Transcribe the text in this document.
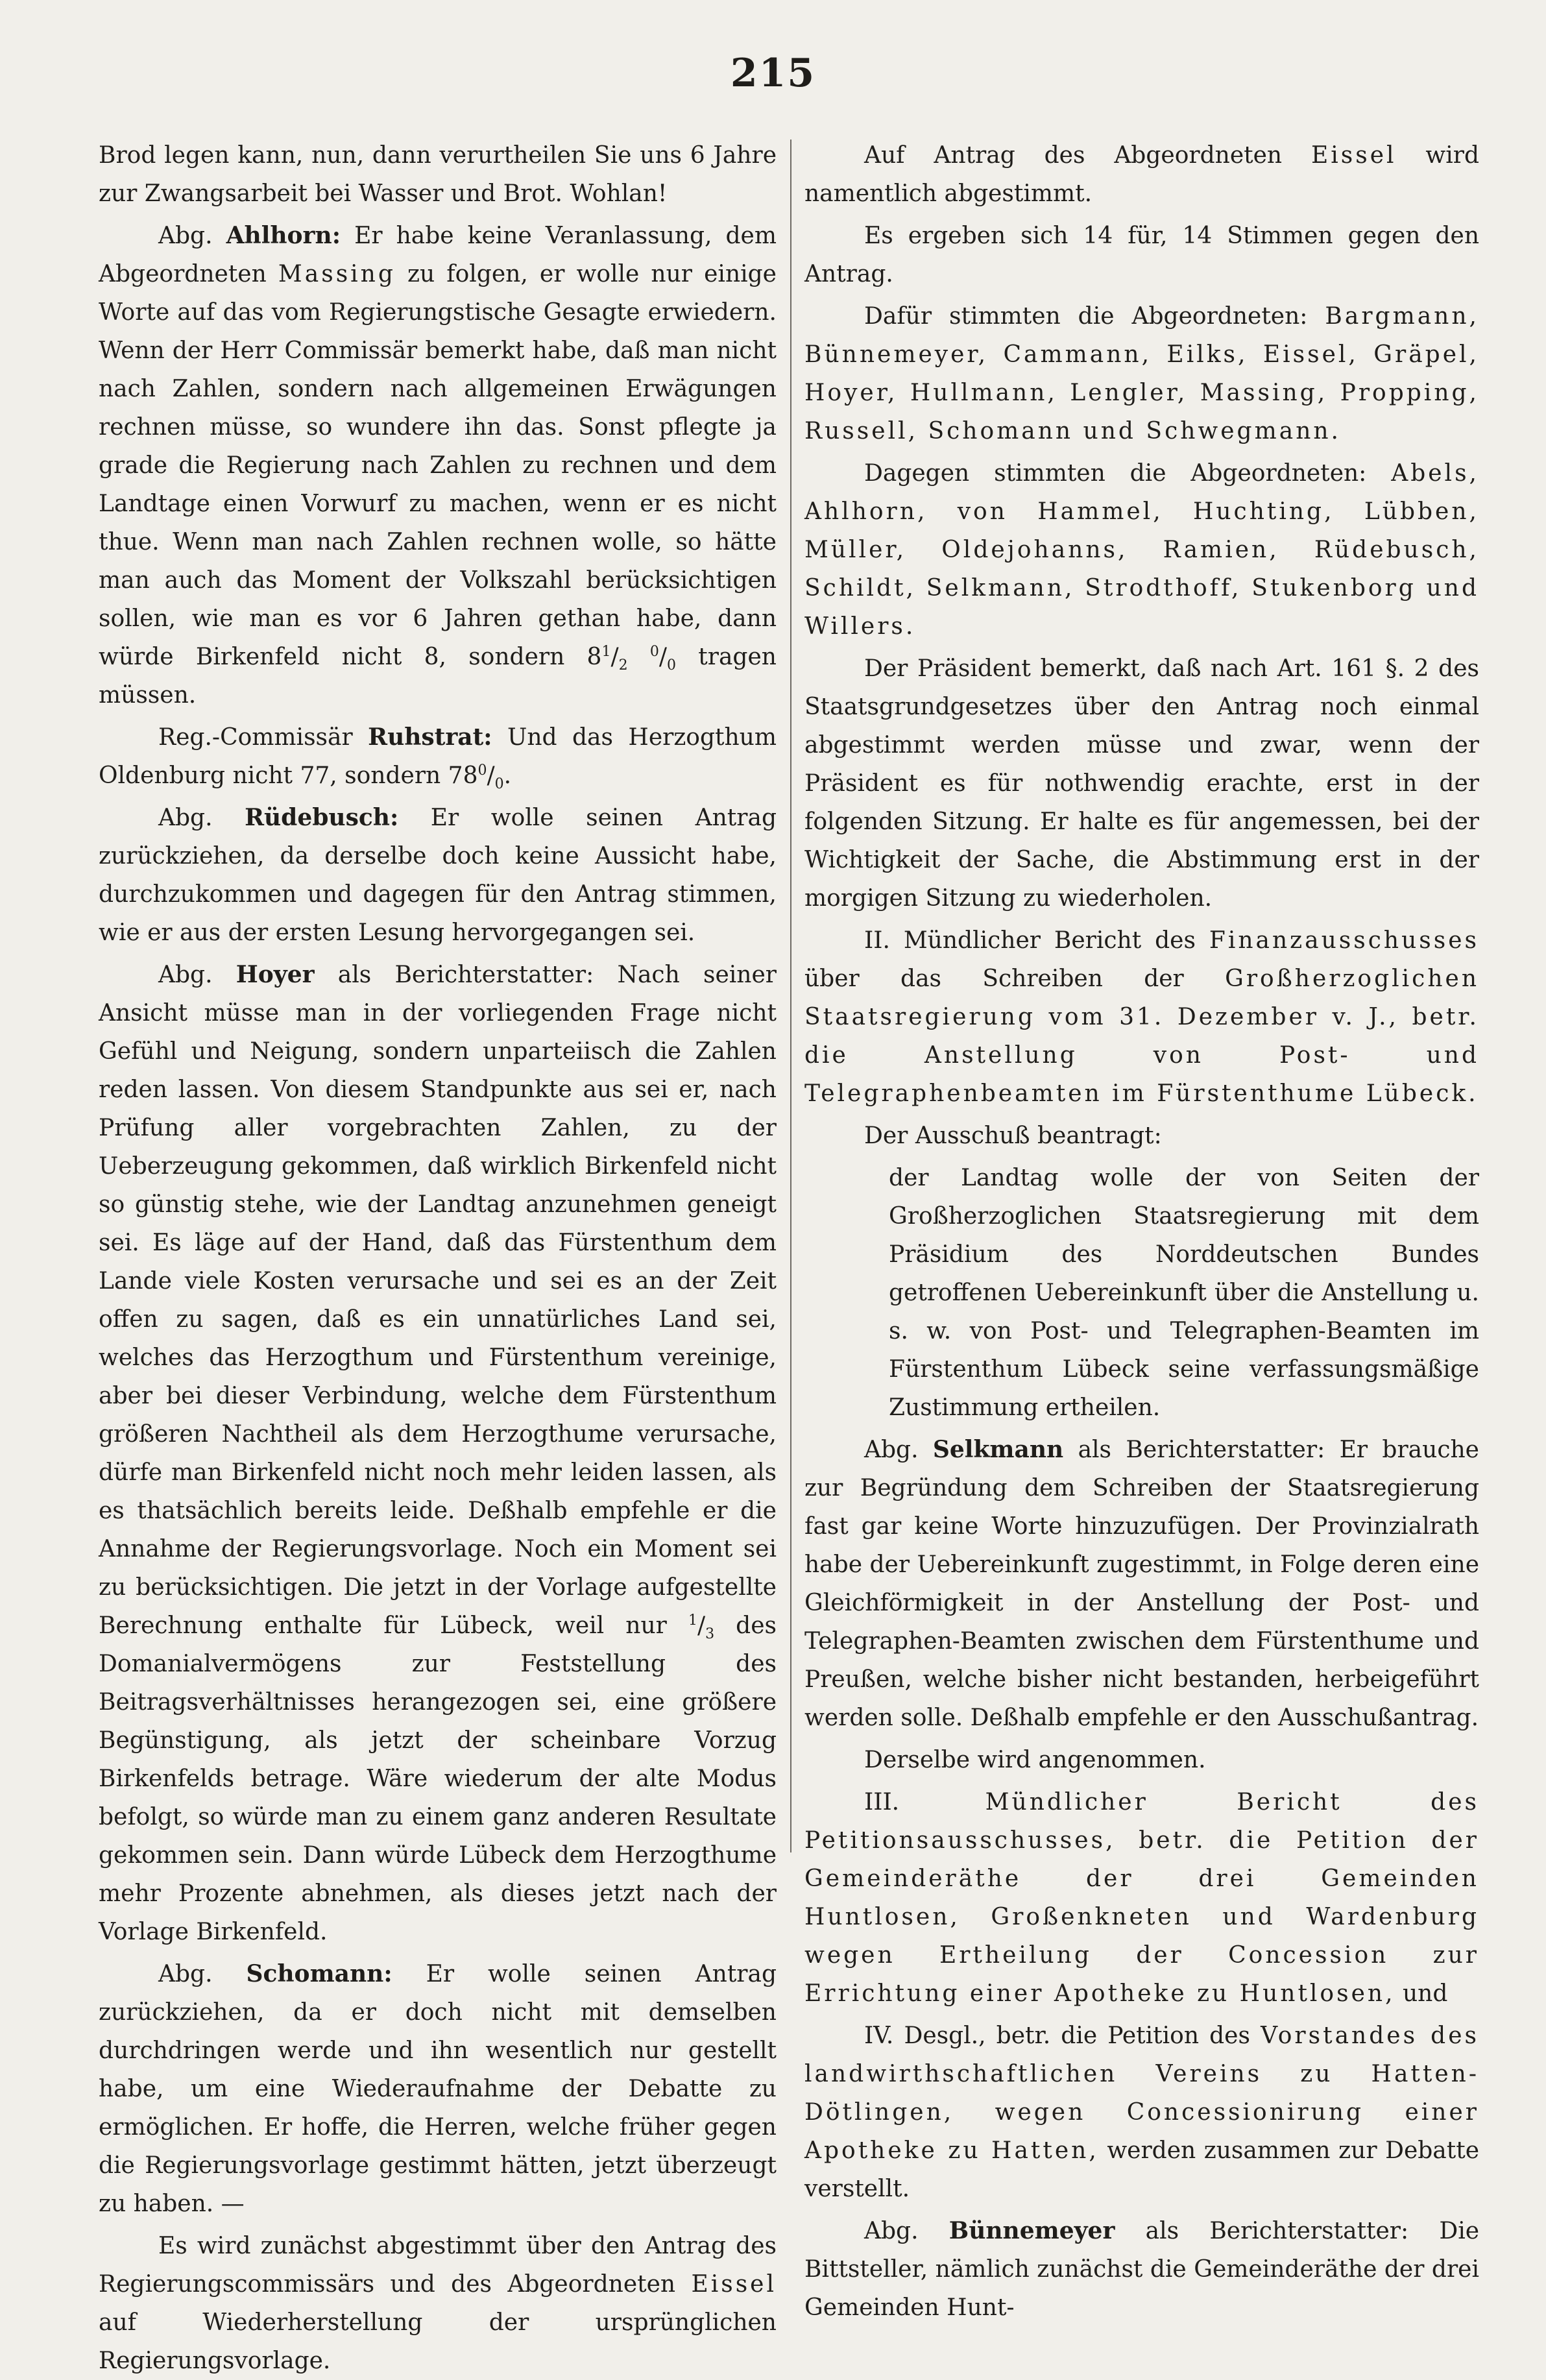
215

Brod legen kann, nun, dann verurtheilen Sie uns 6 Jahre zur Zwangsarbeit bei Wasser und Brot. Wohlan!

Abg. Ahlhorn: Er habe keine Veranlassung, dem Abgeordneten Massing zu folgen, er wolle nur einige Worte auf das vom Regierungstische Gesagte erwiedern. Wenn der Herr Commissär bemerkt habe, daß man nicht nach Zahlen, sondern nach allgemeinen Erwägungen rechnen müsse, so wundere ihn das. Sonst pflegte ja grade die Regierung nach Zahlen zu rechnen und dem Landtage einen Vorwurf zu machen, wenn er es nicht thue. Wenn man nach Zahlen rechnen wolle, so hätte man auch das Moment der Volkszahl berücksichtigen sollen, wie man es vor 6 Jahren gethan habe, dann würde Birkenfeld nicht 8, sondern $8^1/_2$ $^0/_0$ tragen müssen.

Reg.-Commissär Ruhstrat: Und das Herzogthum Oldenburg nicht 77, sondern $78^0/_0$.

Abg. Rüdebusch: Er wolle seinen Antrag zurückziehen, da derselbe doch keine Aussicht habe, durchzukommen und dagegen für den Antrag stimmen, wie er aus der ersten Lesung hervorgegangen sei.

Abg. Hoyer als Berichterstatter: Nach seiner Ansicht müsse man in der vorliegenden Frage nicht Gefühl und Neigung, sondern unparteiisch die Zahlen reden lassen. Von diesem Standpunkte aus sei er, nach Prüfung aller vorgebrachten Zahlen, zu der Ueberzeugung gekommen, daß wirklich Birkenfeld nicht so günstig stehe, wie der Landtag anzunehmen geneigt sei. Es läge auf der Hand, daß das Fürstenthum dem Lande viele Kosten verursache und sei es an der Zeit offen zu sagen, daß es ein unnatürliches Land sei, welches das Herzogthum und Fürstenthum vereinige, aber bei dieser Verbindung, welche dem Fürstenthum größeren Nachtheil als dem Herzogthume verursache, dürfe man Birkenfeld nicht noch mehr leiden lassen, als es thatsächlich bereits leide. Deßhalb empfehle er die Annahme der Regierungsvorlage. Noch ein Moment sei zu berücksichtigen. Die jetzt in der Vorlage aufgestellte Berechnung enthalte für Lübeck, weil nur $^1/_3$ des Domanialvermögens zur Feststellung des Beitragsverhältnisses herangezogen sei, eine größere Begünstigung, als jetzt der scheinbare Vorzug Birkenfelds betrage. Wäre wiederum der alte Modus befolgt, so würde man zu einem ganz anderen Resultate gekommen sein. Dann würde Lübeck dem Herzogthume mehr Prozente abnehmen, als dieses jetzt nach der Vorlage Birkenfeld.

Abg. Schomann: Er wolle seinen Antrag zurückziehen, da er doch nicht mit demselben durchdringen werde und ihn wesentlich nur gestellt habe, um eine Wiederaufnahme der Debatte zu ermöglichen. Er hoffe, die Herren, welche früher gegen die Regierungsvorlage gestimmt hätten, jetzt überzeugt zu haben. —

Es wird zunächst abgestimmt über den Antrag des Regierungscommissärs und des Abgeordneten Eissel auf Wiederherstellung der ursprünglichen Regierungsvorlage.

Auf Antrag des Abgeordneten Eissel wird namentlich abgestimmt.

Es ergeben sich 14 für, 14 Stimmen gegen den Antrag.

Dafür stimmten die Abgeordneten: Bargmann, Bünnemeyer, Cammann, Eilks, Eissel, Gräpel, Hoyer, Hullmann, Lengler, Massing, Propping, Russell, Schomann und Schwegmann.

Dagegen stimmten die Abgeordneten: Abels, Ahlhorn, von Hammel, Huchting, Lübben, Müller, Oldejohanns, Ramien, Rüdebusch, Schildt, Selkmann, Strodthoff, Stukenborg und Willers.

Der Präsident bemerkt, daß nach Art. 161 §. 2 des Staatsgrundgesetzes über den Antrag noch einmal abgestimmt werden müsse und zwar, wenn der Präsident es für nothwendig erachte, erst in der folgenden Sitzung. Er halte es für angemessen, bei der Wichtigkeit der Sache, die Abstimmung erst in der morgigen Sitzung zu wiederholen.

II. Mündlicher Bericht des Finanzausschusses über das Schreiben der Großherzoglichen Staatsregierung vom 31. Dezember v. J., betr. die Anstellung von Post- und Telegraphenbeamten im Fürstenthume Lübeck.

Der Ausschuß beantragt:

der Landtag wolle der von Seiten der Großherzoglichen Staatsregierung mit dem Präsidium des Norddeutschen Bundes getroffenen Uebereinkunft über die Anstellung u. s. w. von Post- und Telegraphen-Beamten im Fürstenthum Lübeck seine verfassungsmäßige Zustimmung ertheilen.

Abg. Selkmann als Berichterstatter: Er brauche zur Begründung dem Schreiben der Staatsregierung fast gar keine Worte hinzuzufügen. Der Provinzialrath habe der Uebereinkunft zugestimmt, in Folge deren eine Gleichförmigkeit in der Anstellung der Post- und Telegraphen-Beamten zwischen dem Fürstenthume und Preußen, welche bisher nicht bestanden, herbeigeführt werden solle. Deßhalb empfehle er den Ausschußantrag.

Derselbe wird angenommen.

III.	Mündlicher Bericht des Petitionsausschusses, betr. die Petition der Gemeinderäthe der drei Gemeinden Huntlosen, Großenkneten und Wardenburg wegen Ertheilung der Concession zur Errichtung einer Apotheke zu Huntlosen, und

IV. Desgl., betr. die Petition des Vorstandes des landwirthschaftlichen Vereins zu Hatten-Dötlingen, wegen Concessionirung einer Apotheke zu Hatten, werden zusammen zur Debatte verstellt.

Abg. Bünnemeyer als Berichterstatter: Die Bittsteller, nämlich zunächst die Gemeinderäthe der drei Gemeinden Hunt-
